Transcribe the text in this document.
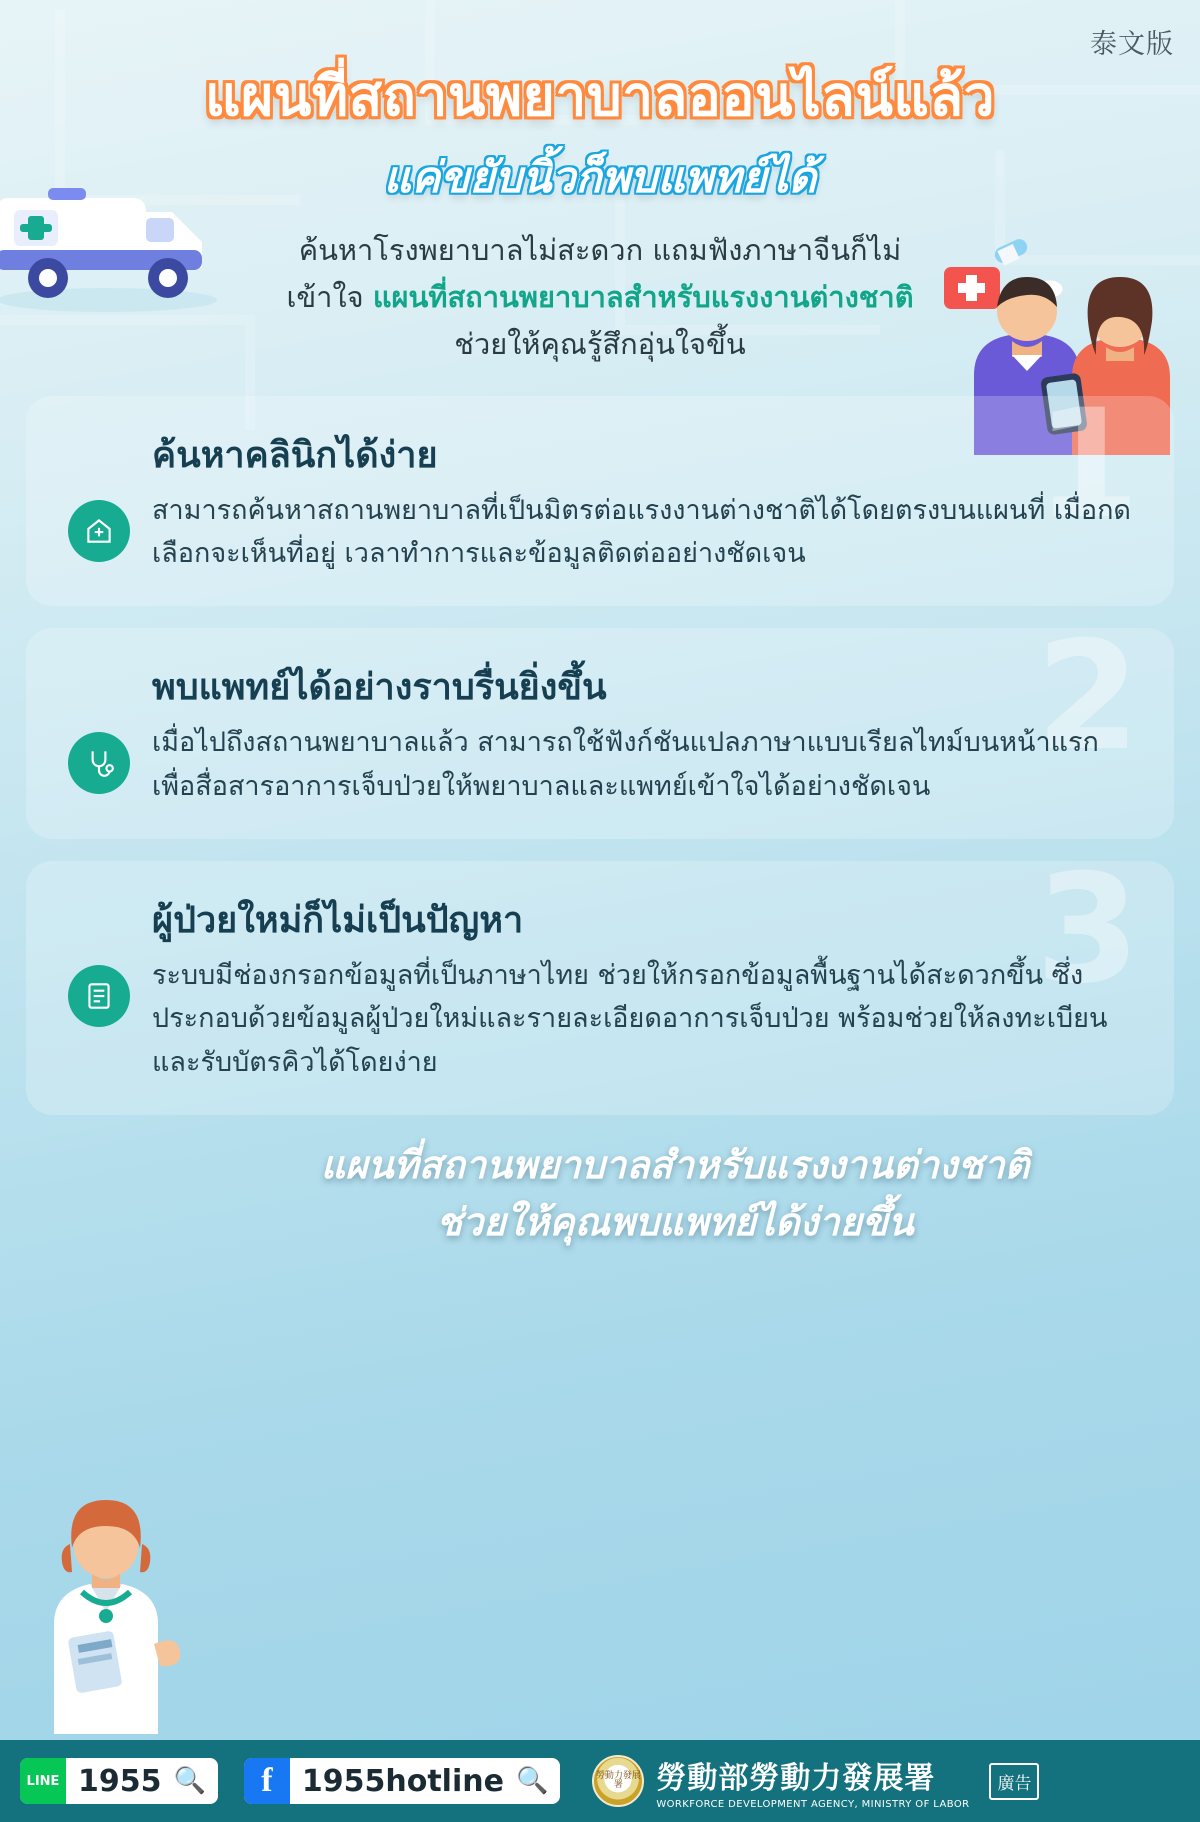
泰文版
แผนที่สถานพยาบาลออนไลน์แล้ว
แค่ขยับนิ้วก็พบแพทย์ได้

ค้นหาโรงพยาบาลไม่สะดวก แถมฟังภาษาจีนก็ไม่เข้าใจ แผนที่สถานพยาบาลสำหรับแรงงานต่างชาติ ช่วยให้คุณรู้สึกอุ่นใจขึ้น

1
ค้นหาคลินิกได้ง่าย
สามารถค้นหาสถานพยาบาลที่เป็นมิตรต่อแรงงานต่างชาติได้โดยตรงบนแผนที่ เมื่อกดเลือกจะเห็นที่อยู่ เวลาทำการและข้อมูลติดต่ออย่างชัดเจน
2
พบแพทย์ได้อย่างราบรื่นยิ่งขึ้น
เมื่อไปถึงสถานพยาบาลแล้ว สามารถใช้ฟังก์ชันแปลภาษาแบบเรียลไทม์บนหน้าแรกเพื่อสื่อสารอาการเจ็บป่วยให้พยาบาลและแพทย์เข้าใจได้อย่างชัดเจน
3
ผู้ป่วยใหม่ก็ไม่เป็นปัญหา
ระบบมีช่องกรอกข้อมูลที่เป็นภาษาไทย ช่วยให้กรอกข้อมูลพื้นฐานได้สะดวกขึ้น ซึ่งประกอบด้วยข้อมูลผู้ป่วยใหม่และรายละเอียดอาการเจ็บป่วย พร้อมช่วยให้ลงทะเบียนและรับบัตรคิวได้โดยง่าย
แผนที่สถานพยาบาลสำหรับแรงงานต่างชาติ
ช่วยให้คุณพบแพทย์ได้ง่ายขึ้น
LINE 1955 🔍	f 1955hotline 🔍	勞動力發展署	勞動部勞動力發展署
WORKFORCE DEVELOPMENT AGENCY, MINISTRY OF LABOR
廣告
